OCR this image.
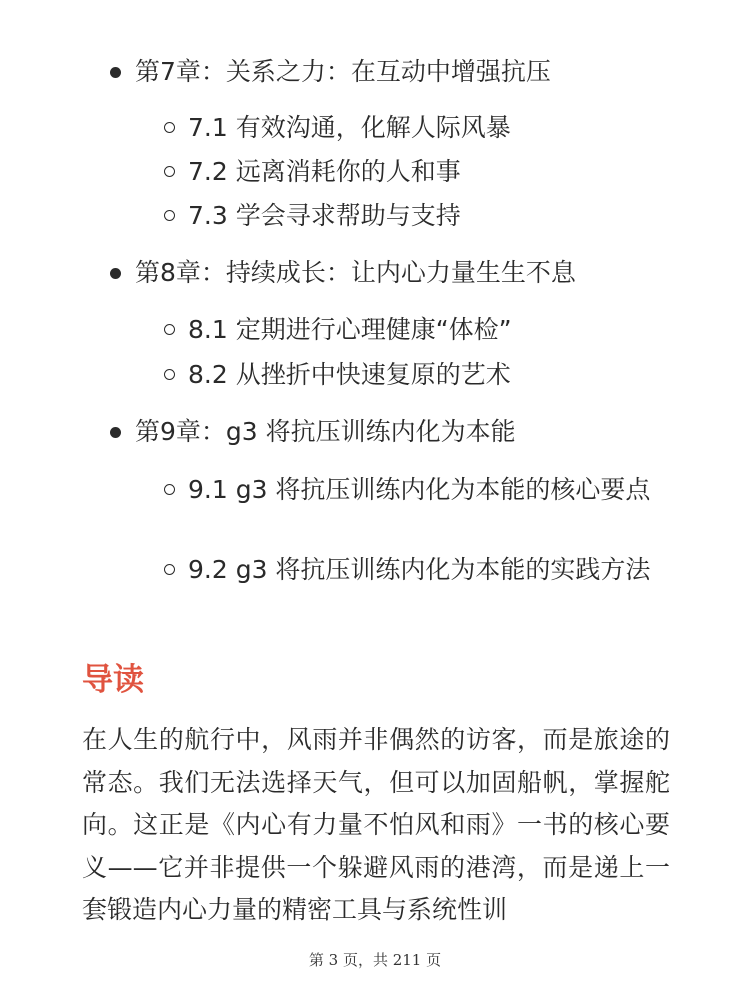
第7章：关系之力：在互动中增强抗压
7.1 有效沟通，化解人际风暴
7.2 远离消耗你的人和事
7.3 学会寻求帮助与支持
第8章：持续成长：让内心力量生生不息
8.1 定期进行心理健康“体检”
8.2 从挫折中快速复原的艺术
第9章：g3 将抗压训练内化为本能
9.1 g3 将抗压训练内化为本能的核心要点
9.2 g3 将抗压训练内化为本能的实践方法
导读
在人生的航行中，风雨并非偶然的访客，而是旅途的常态。我们无法选择天气，但可以加固船帆，掌握舵向。这正是《内心有力量不怕风和雨》一书的核心要义——它并非提供一个躲避风雨的港湾，而是递上一套锻造内心力量的精密工具与系统性训
第 3 页，共 211 页
